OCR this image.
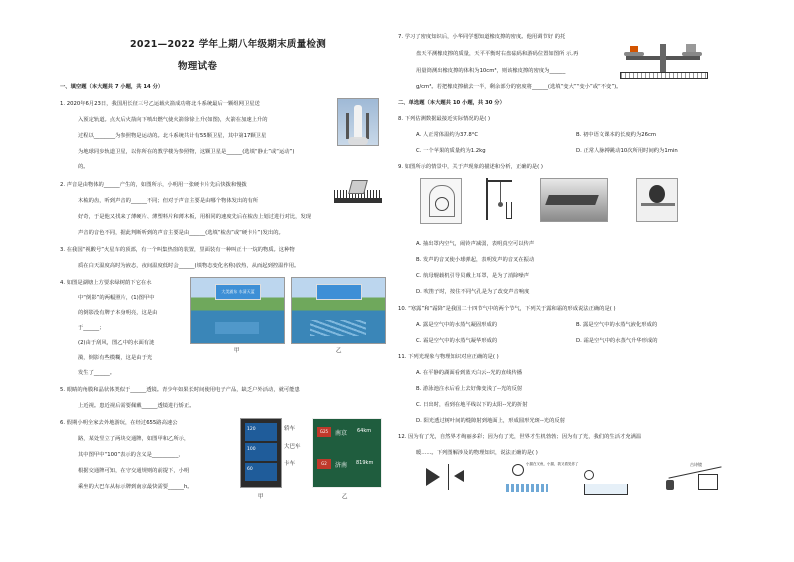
2021—2022 学年上期八年级期末质量检测
物理试卷
一、填空题（本大题共 7 小题，共 14 分）
1. 2020年6月23日，我国用长征三号乙运载火箭成功将北斗系统最后一颗组网卫星送
入预定轨道。点火后火箭向下喷出燃气使火箭徐徐上升(如图)，火箭在加速上升的
过程以________为参照物是运动的。北斗系统共计有55颗卫星，其中第17颗卫星
为地球同步轨道卫星，以你所在的教学楼为参照物，这颗卫星是______(选填“静止”或“运动”)
的。
2. 声音是由物体的______产生的，如图所示，小明用一张硬卡片先后快拨和慢拨
木梳的齿，听到声音的______不同；但对于声音主要是由哪个物体发出的有所
好奇，于是他又找来了薄硬片、薄塑料片和薄木板，用相同的速度先后在梳齿上划过进行对比，发现
声音的音色不同，据此判断听到的声音主要是由______(选填“梳齿”或“硬卡片”)发出的。
3. 在我国“视酸号”火星车的顶部，有一个叫集热窗的装置，里面装有一种叫正十一烷的物质。这种物
质在白天温度高时为液态，夜间温度低时会______(填物态变化名称)放热，从而起到控温作用。
4. 如图是湖塘上方要求绿树荫下它在水
中“倒影”的两幅照片，(1)图甲中
的倒影没有牌子本身明亮，这是由
于______；
(2)由于刮风，图乙中的水面有涟
漪，倒影有些模糊，这是由于光
发生了______。
大美浦东 水清天蓝
甲	乙
5. 眼睛的角膜和晶状体类似于______透镜。青少年如果长时间使用电子产品，缺乏户外活动，就可能患
上近视。患近视后需要佩戴______透镜进行矫正。
6. 假期小明全家去外地游玩，在经过655路高速公
路，某处竖立了两块交通牌，如图甲和乙所示，
其中图甲中“100”表示的含义是__________，
根据交通牌可知，在守交通规则的前提下，小明
乘坐的大巴车从标示牌到南京最快需要______h。
120
100
60
轿车
大巴车
卡车
G25	南京 64km
G2	济南 819km
甲	乙
7. 学习了密度知识后，小华同学想知道橡皮擦的密度。他用调节好 的托
盘天平测橡皮擦的质量，天平平衡时右盘砝码和游码位置如图所 示,再
用量筒测出橡皮擦的体积为10cm³，则该橡皮擦的密度为______
g/cm³。若把橡皮擦截去一半，剩余部分的密度将______(选填“变大”“变小”或“不变”)。
二、单选题（本大题共 10 小题，共 30 分）
8. 下列估测数据最接近实际情况的是( )
A. 人正常体温约为37.8°C	B. 初中语文课本的长度约为26cm
C. 一个苹果的质量约为1.2kg	D. 正常人脉搏跳动10次所用时间约为1min
9. 如图所示的情景中，关于声现象的描述和分析，正确的是( )
A. 抽出罩内空气，闹铃声减弱，表明真空可以传声
B. 发声的音叉使小球弹起，表明发声的音叉在振动
C. 航母舰载机引导员戴上耳罩，是为了消除噪声
D. 吹笛子时，按住不同气孔是为了改变声音响度
10. “寒露”和“霜降”是我国二十四节气中的两个节气，下列关于露和霜的形成说法正确的是( )
A. 露是空气中的水蒸气凝固形成的	B. 露是空气中的水蒸气液化形成的
C. 霜是空气中的水蒸气凝华形成的	D. 霜是空气中的水蒸气升华形成的
11. 下列光现象与物理知识对应正确的是( )
A. 在平静的湖面看到蓝天白云--光的直线传播
B. 游泳池注水后看上去好像变浅了--光的反射
C. 日出时，看到在地平线以下的太阳--光的折射
D. 阳光透过树叶间的缝隙射到地面上，形成圆形光斑--光的反射
12. 因为有了光，自然界才绚丽多彩；因为有了光，世界才生机勃勃；因为有了光，我们的生活才充满温
暖......。下列图解涉及的物理知识，说法正确的是( )
小猫在叉鱼，小猫，我叉看见你了	古诗镜
